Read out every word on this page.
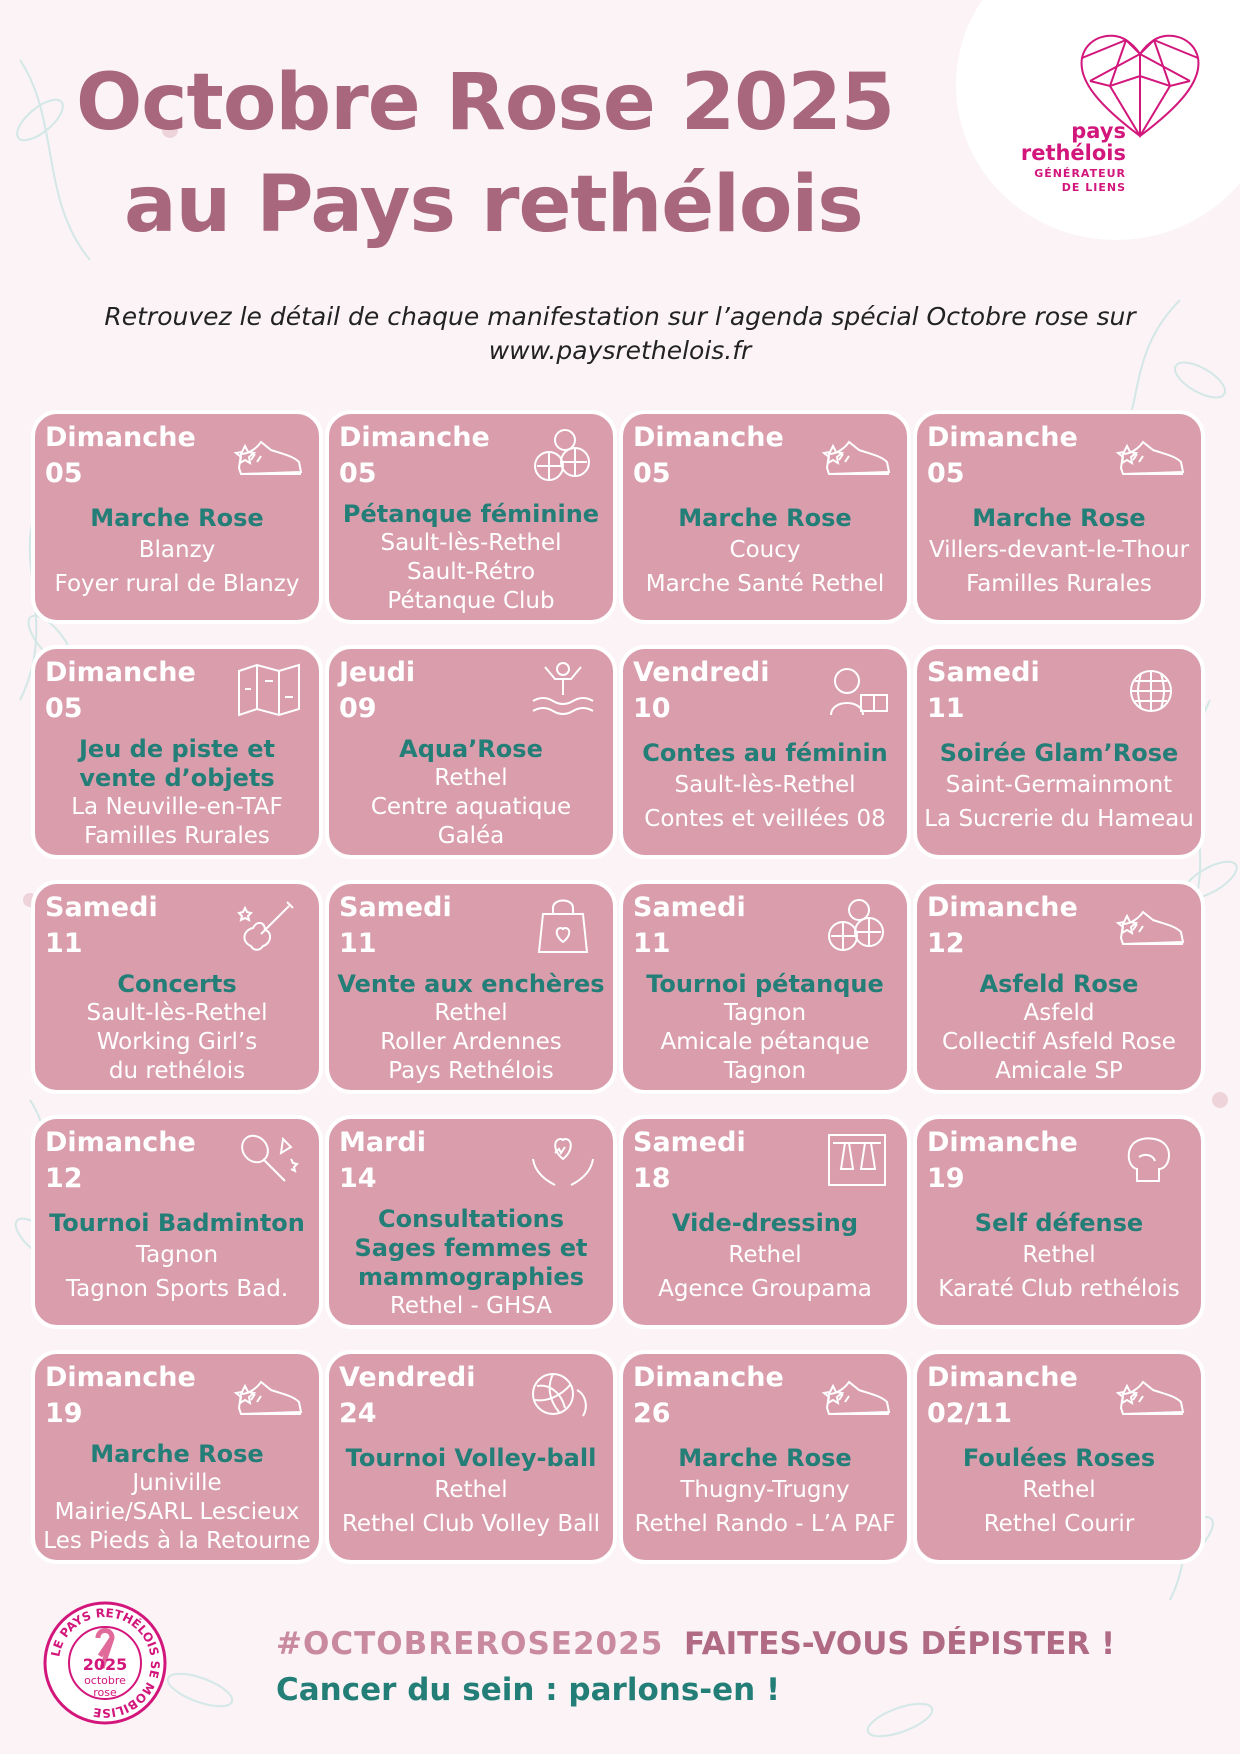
Octobre Rose 2025
au Pays rethélois
pays
rethélois
GÉNÉRATEUR
DE LIENS
Retrouvez le détail de chaque manifestation sur l’agenda spécial Octobre rose sur
www.paysrethelois.fr
Dimanche
05
Marche Rose
Blanzy
Foyer rural de Blanzy
Dimanche
05
Pétanque féminine
Sault-lès-Rethel
Sault-Rétro
Pétanque Club
Dimanche
05
Marche Rose
Coucy
Marche Santé Rethel
Dimanche
05
Marche Rose
Villers-devant-le-Thour
Familles Rurales
Dimanche
05
Jeu de piste et
vente d’objets
La Neuville-en-TAF
Familles Rurales
Jeudi
09
Aqua’Rose
Rethel
Centre aquatique
Galéa
Vendredi
10
Contes au féminin
Sault-lès-Rethel
Contes et veillées 08
Samedi
11
Soirée Glam’Rose
Saint-Germainmont
La Sucrerie du Hameau
Samedi
11
Concerts
Sault-lès-Rethel
Working Girl’s
du rethélois
Samedi
11
Vente aux enchères
Rethel
Roller Ardennes
Pays Rethélois
Samedi
11
Tournoi pétanque
Tagnon
Amicale pétanque
Tagnon
Dimanche
12
Asfeld Rose
Asfeld
Collectif Asfeld Rose
Amicale SP
Dimanche
12
Tournoi Badminton
Tagnon
Tagnon Sports Bad.
Mardi
14
Consultations
Sages femmes et
mammographies
Rethel - GHSA
Samedi
18
Vide-dressing
Rethel
Agence Groupama
Dimanche
19
Self défense
Rethel
Karaté Club rethélois
Dimanche
19
Marche Rose
Juniville
Mairie/SARL Lescieux
Les Pieds à la Retourne
Vendredi
24
Tournoi Volley-ball
Rethel
Rethel Club Volley Ball
Dimanche
26
Marche Rose
Thugny-Trugny
Rethel Rando - L’A PAF
Dimanche
02/11
Foulées Roses
Rethel
Rethel Courir
#OCTOBREROSE2025 FAITES-VOUS DÉPISTER !
Cancer du sein : parlons-en !
LE PAYS RETHÉLOIS SE MOBILISE
2025
octobre
rose
